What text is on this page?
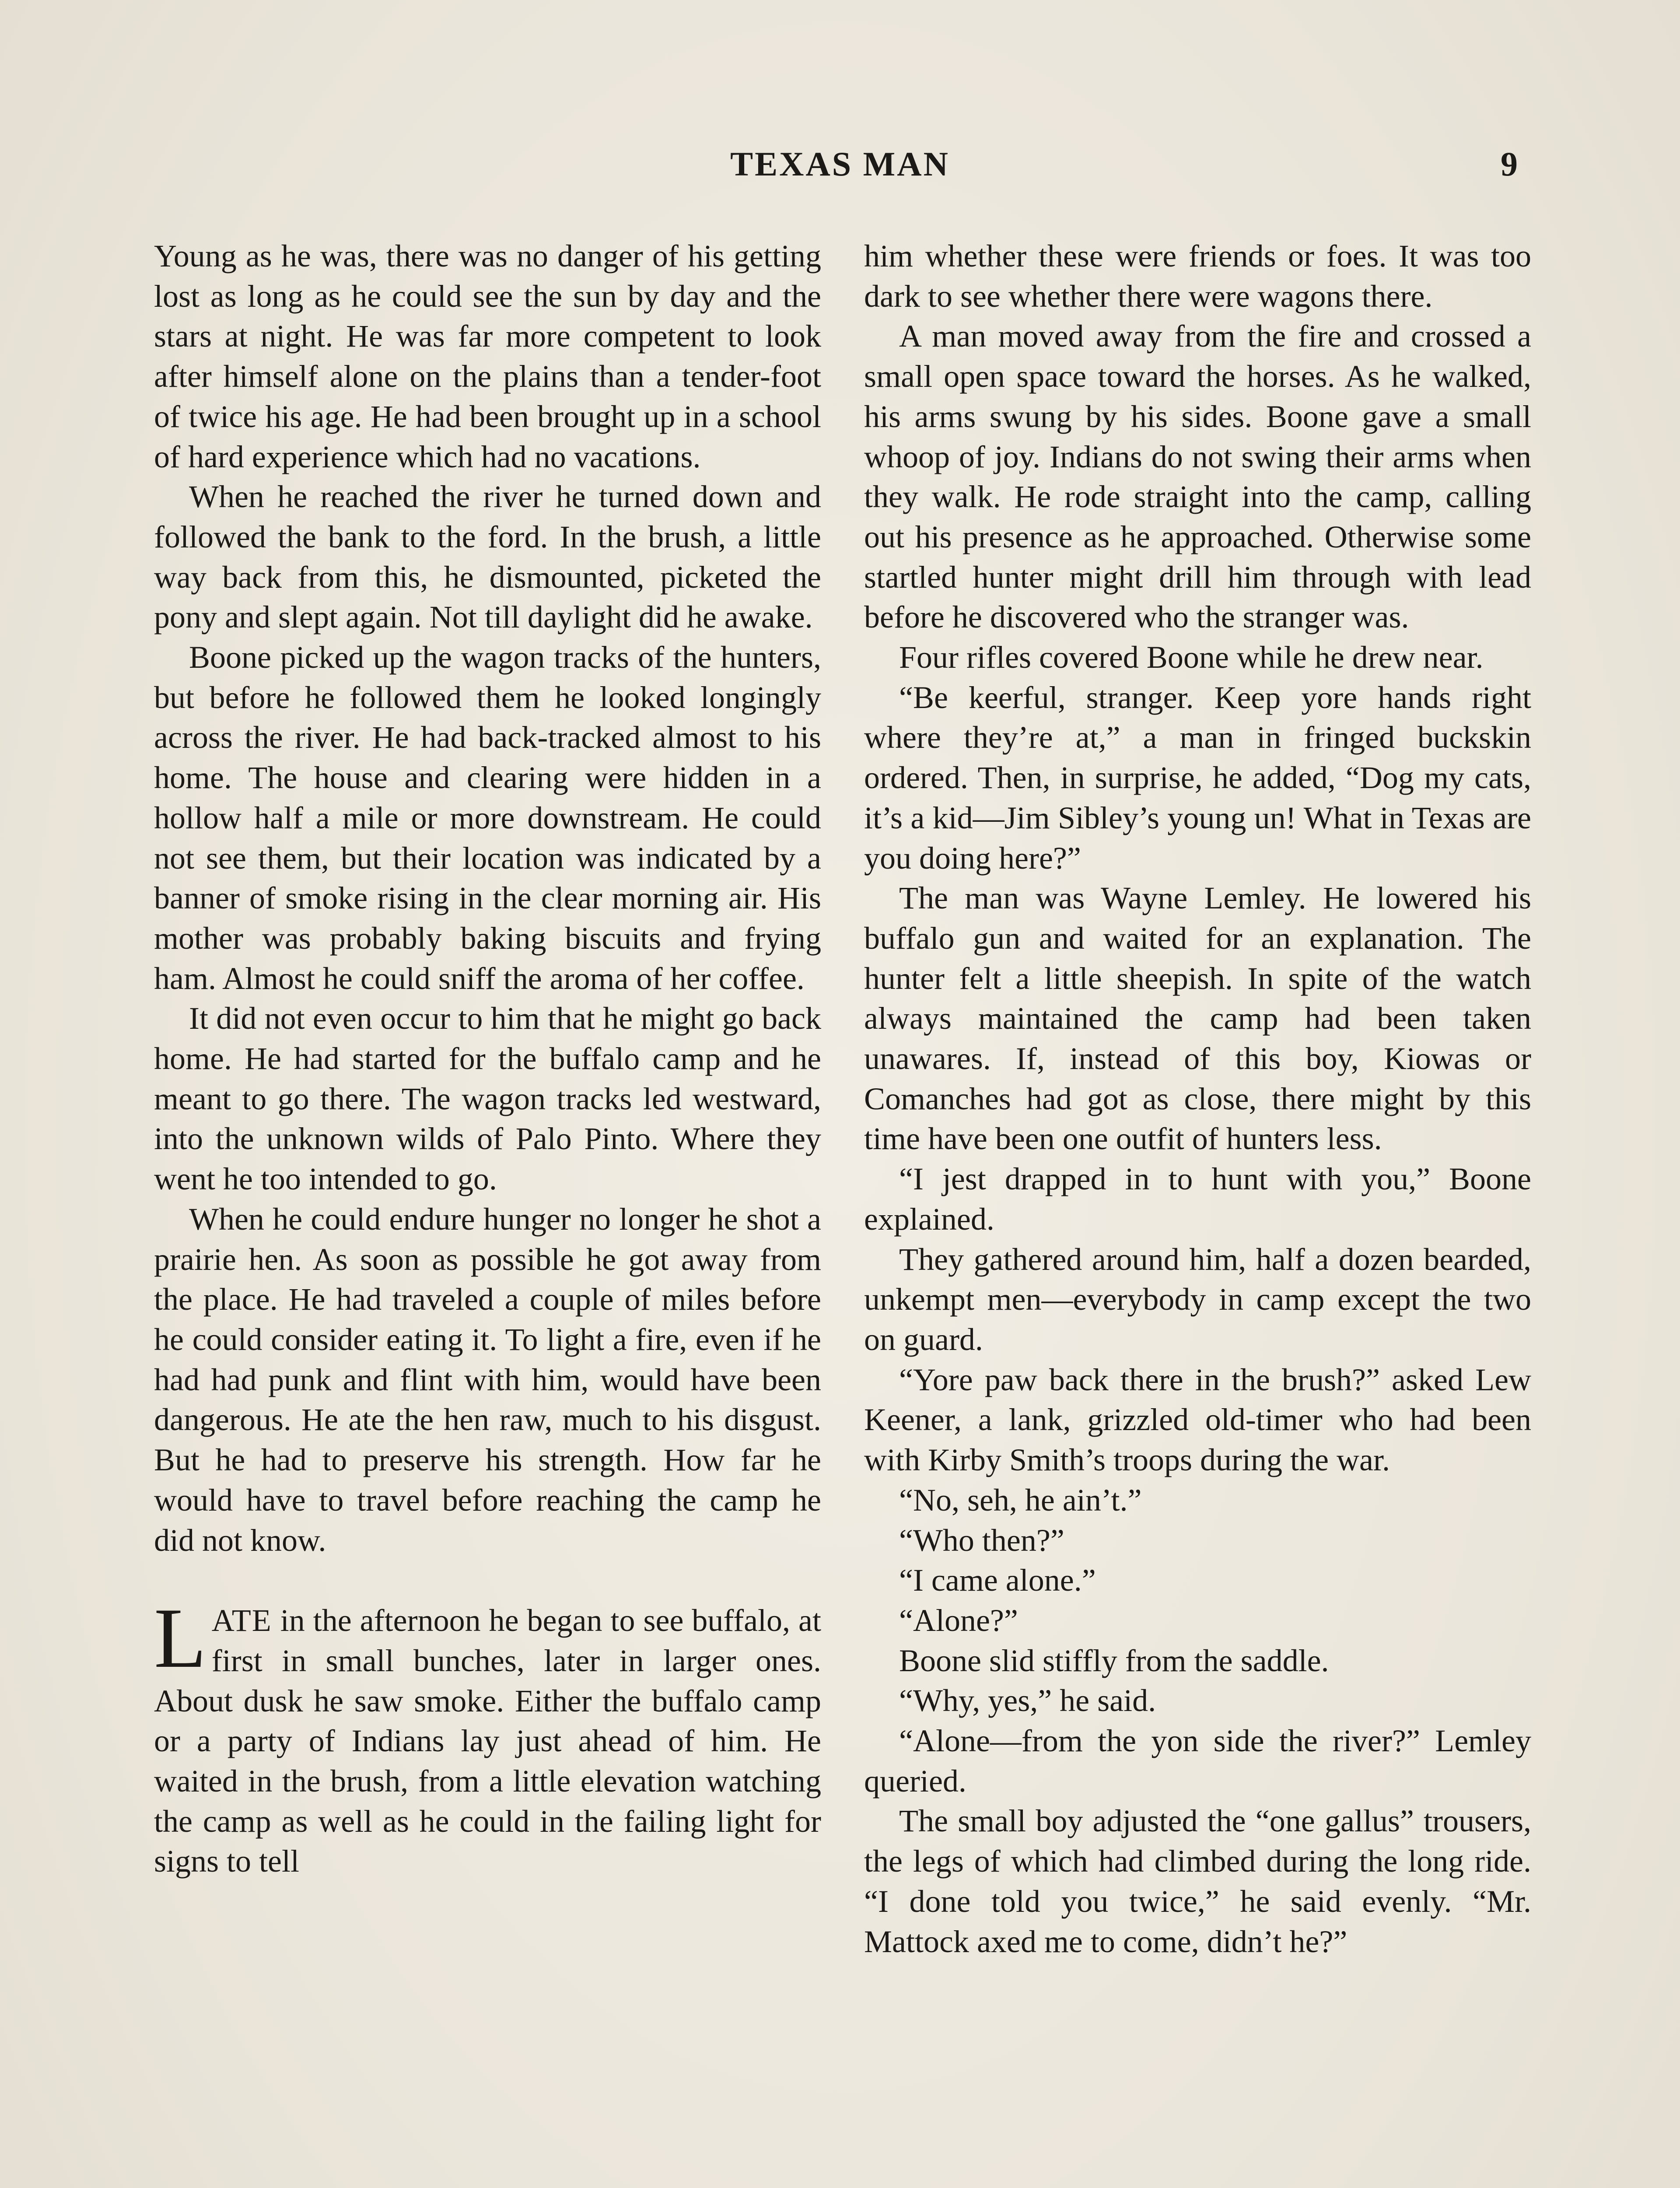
TEXAS MAN	9

Young as he was, there was no danger of his getting lost as long as he could see the sun by day and the stars at night. He was far more competent to look after himself alone on the plains than a tender-foot of twice his age. He had been brought up in a school of hard experience which had no vacations.

When he reached the river he turned down and followed the bank to the ford. In the brush, a little way back from this, he dismounted, picketed the pony and slept again. Not till daylight did he awake.

Boone picked up the wagon tracks of the hunters, but before he followed them he looked longingly across the river. He had back-tracked almost to his home. The house and clearing were hidden in a hollow half a mile or more downstream. He could not see them, but their location was indicated by a banner of smoke rising in the clear morning air. His mother was probably baking biscuits and frying ham. Almost he could sniff the aroma of her coffee.

It did not even occur to him that he might go back home. He had started for the buffalo camp and he meant to go there. The wagon tracks led westward, into the unknown wilds of Palo Pinto. Where they went he too intended to go.

When he could endure hunger no longer he shot a prairie hen. As soon as possible he got away from the place. He had traveled a couple of miles before he could consider eating it. To light a fire, even if he had had punk and flint with him, would have been dangerous. He ate the hen raw, much to his disgust. But he had to preserve his strength. How far he would have to travel before reaching the camp he did not know.

LATE in the afternoon he began to see buffalo, at first in small bunches, later in larger ones. About dusk he saw smoke. Either the buffalo camp or a party of Indians lay just ahead of him. He waited in the brush, from a little elevation watching the camp as well as he could in the failing light for signs to tell

him whether these were friends or foes. It was too dark to see whether there were wagons there.

A man moved away from the fire and crossed a small open space toward the horses. As he walked, his arms swung by his sides. Boone gave a small whoop of joy. Indians do not swing their arms when they walk. He rode straight into the camp, calling out his presence as he approached. Otherwise some startled hunter might drill him through with lead before he discovered who the stranger was.

Four rifles covered Boone while he drew near.

“Be keerful, stranger. Keep yore hands right where they’re at,” a man in fringed buckskin ordered. Then, in surprise, he added, “Dog my cats, it’s a kid—Jim Sibley’s young un! What in Texas are you doing here?”

The man was Wayne Lemley. He lowered his buffalo gun and waited for an explanation. The hunter felt a little sheepish. In spite of the watch always maintained the camp had been taken unawares. If, instead of this boy, Kiowas or Comanches had got as close, there might by this time have been one outfit of hunters less.

“I jest drapped in to hunt with you,” Boone explained.

They gathered around him, half a dozen bearded, unkempt men—everybody in camp except the two on guard.

“Yore paw back there in the brush?” asked Lew Keener, a lank, grizzled old-timer who had been with Kirby Smith’s troops during the war.

“No, seh, he ain’t.”

“Who then?”

“I came alone.”

“Alone?”

Boone slid stiffly from the saddle.

“Why, yes,” he said.

“Alone—from the yon side the river?” Lemley queried.

The small boy adjusted the “one gallus” trousers, the legs of which had climbed during the long ride. “I done told you twice,” he said evenly. “Mr. Mattock axed me to come, didn’t he?”
